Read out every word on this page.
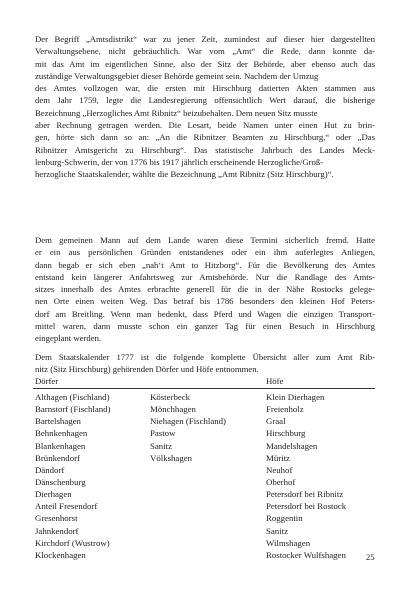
Der Begriff „Amtsdistrikt“ war zu jener Zeit, zumindest auf dieser hier dargestellten
Verwaltungsebene, nicht gebräuchlich. War vom „Amt“ die Rede, dann konnte da-
mit das Amt im eigentlichen Sinne, also der Sitz der Behörde, aber ebenso auch das
zuständige Verwaltungsgebiet dieser Behörde gemeint sein. Nachdem der Umzug
des Amtes vollzogen war, die ersten mit Hirschburg datierten Akten stammen aus
dem Jahr 1759, legte die Landesregierung offensichtlich Wert darauf, die bisherige
Bezeichnung „Herzogliches Amt Ribnitz“ beizubehalten. Dem neuen Sitz musste
aber Rechnung getragen werden. Die Lesart, beide Namen unter einen Hut zu brin-
gen, hörte sich dann so an: „An die Ribnitzer Beamten zu Hirschburg,“ oder „Das
Ribnitzer Amtsgericht zu Hirschburg“. Das statistische Jahrbuch des Landes Meck-
lenburg-Schwerin, der von 1776 bis 1917 jährlich erscheinende Herzogliche/Groß-
herzogliche Staatskalender, wählte die Bezeichnung „Amt Ribnitz (Sitz Hirschburg)“.

Dem gemeinen Mann auf dem Lande waren diese Termini sicherlich fremd. Hatte
er ein aus persönlichen Gründen entstandenes oder ein ihm auferlegtes Anliegen,
dann begab er sich eben „nah‘t Amt to Hitzborg“. Für die Bevölkerung des Amtes
entstand kein längerer Anfahrtsweg zur Amtsbehörde. Nur die Randlage des Amts-
sitzes innerhalb des Amtes erbrachte generell für die in der Nähe Rostocks gelege-
nen Orte einen weiten Weg. Das betraf bis 1786 besonders den kleinen Hof Peters-
dorf am Breitling. Wenn man bedenkt, dass Pferd und Wagen die einzigen Transport-
mittel waren, dann musste schon ein ganzer Tag für einen Besuch in Hirschburg
eingeplant werden.

Dem Staatskalender 1777 ist die folgende komplette Übersicht aller zum Amt Rib-
nitz (Sitz Hirschburg) gehörenden Dörfer und Höfe entnommen.

Dörfer	Höfe
Althagen (Fischland)
Barnstorf (Fischland)
Bartelshagen
Behnkenhagen
Blankenhagen
Brünkendorf
Dändorf
Dänschenburg
Dierhagen
Anteil Fresendorf
Gresenhorst
Jahnkendorf
Kirchdorf (Wustrow)
Klockenhagen
Kösterbeck
Mönchhagen
Niehagen (Fischland)
Pastow
Sanitz
Völkshagen
Klein Dierhagen
Freienholz
Graal
Hirschburg
Mandelshagen
Müritz
Neuhof
Oberhof
Petersdorf bei Ribnitz
Petersdorf bei Rostock
Roggentin
Sanitz
Wilmshagen
Rostocker Wulfshagen 25
